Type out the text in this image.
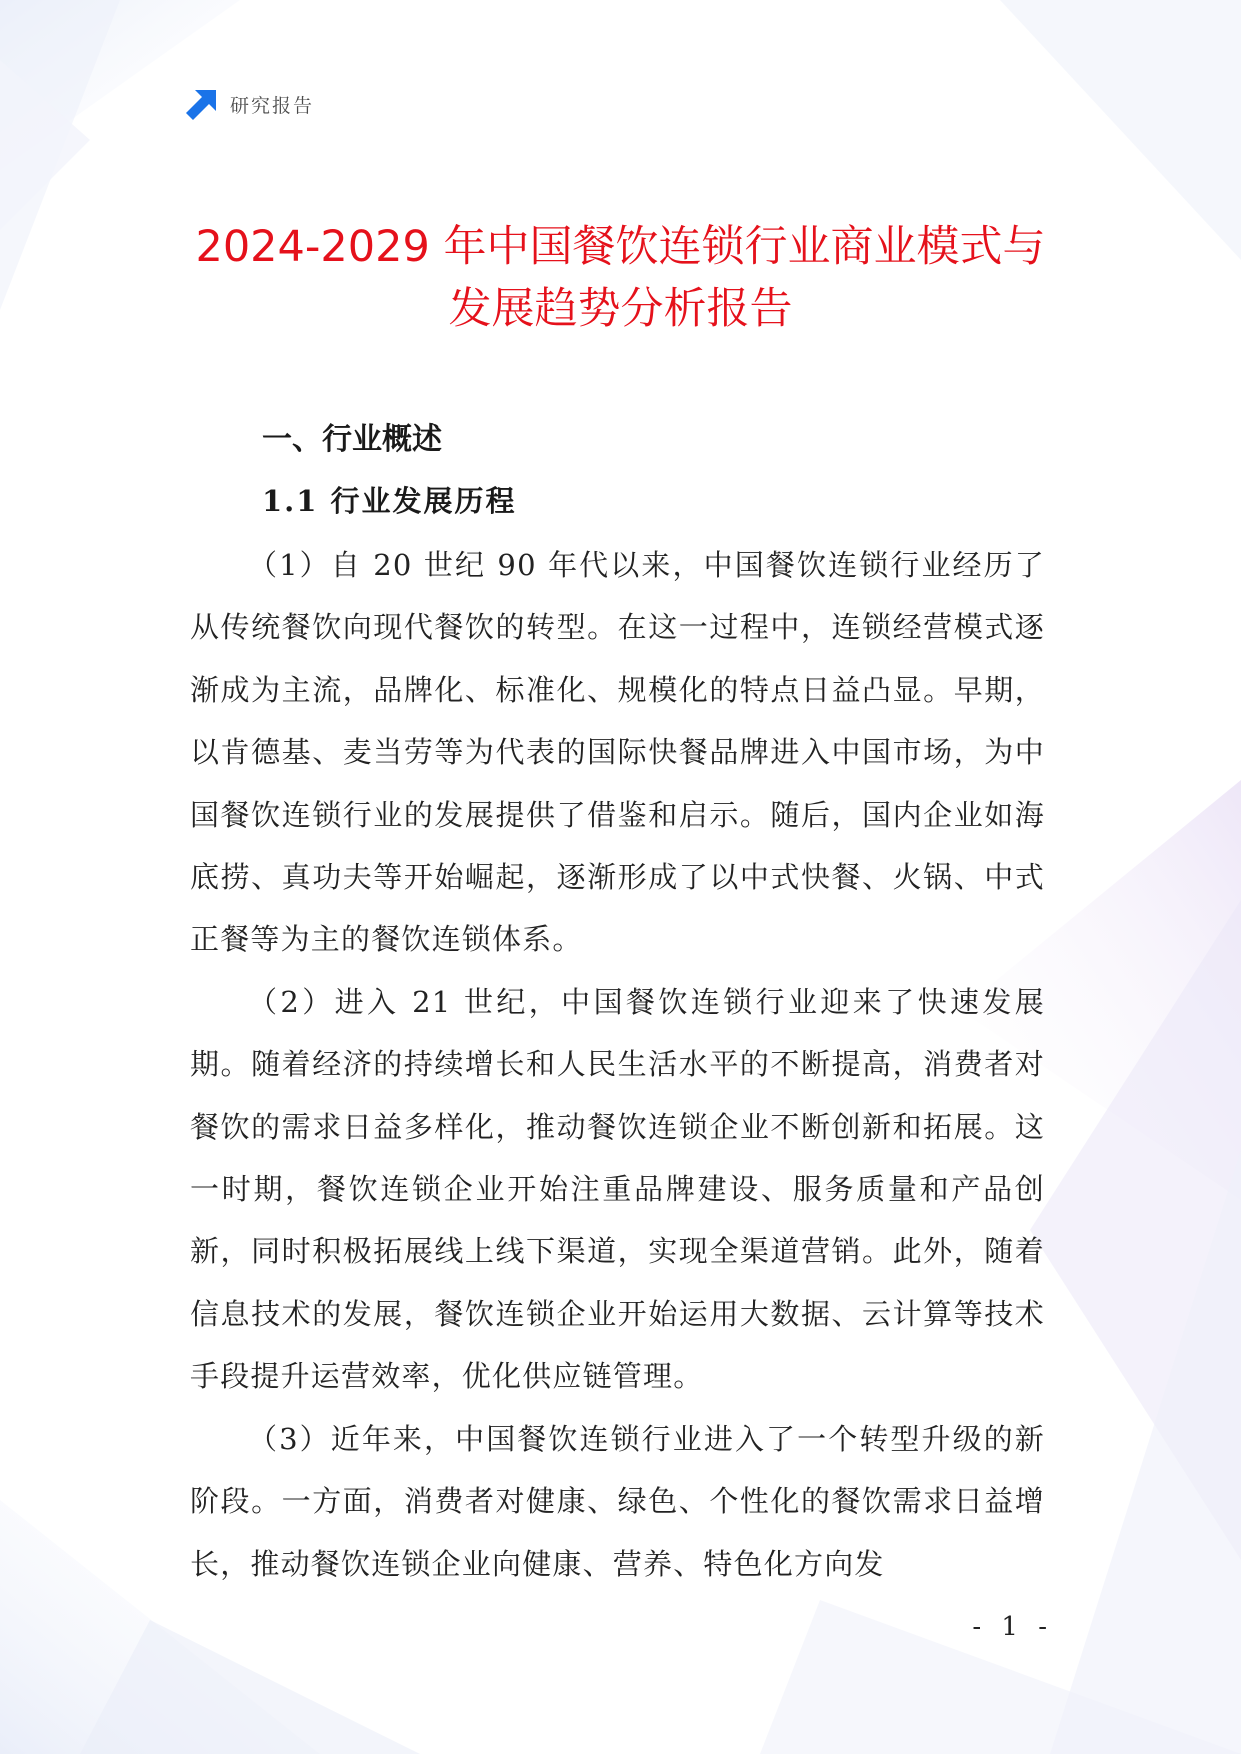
研究报告
2024-2029 年中国餐饮连锁行业商业模式与
发展趋势分析报告
一、行业概述
1.1 行业发展历程

（1）自 20 世纪 90 年代以来，中国餐饮连锁行业经历了从传统餐饮向现代餐饮的转型。在这一过程中，连锁经营模式逐渐成为主流，品牌化、标准化、规模化的特点日益凸显。早期，以肯德基、麦当劳等为代表的国际快餐品牌进入中国市场，为中国餐饮连锁行业的发展提供了借鉴和启示。随后，国内企业如海底捞、真功夫等开始崛起，逐渐形成了以中式快餐、火锅、中式正餐等为主的餐饮连锁体系。

（2）进入 21 世纪，中国餐饮连锁行业迎来了快速发展期。随着经济的持续增长和人民生活水平的不断提高，消费者对餐饮的需求日益多样化，推动餐饮连锁企业不断创新和拓展。这一时期，餐饮连锁企业开始注重品牌建设、服务质量和产品创新，同时积极拓展线上线下渠道，实现全渠道营销。此外，随着信息技术的发展，餐饮连锁企业开始运用大数据、云计算等技术手段提升运营效率，优化供应链管理。

（3）近年来，中国餐饮连锁行业进入了一个转型升级的新阶段。一方面，消费者对健康、绿色、个性化的餐饮需求日益增长，推动餐饮连锁企业向健康、营养、特色化方向发

- 1 -
